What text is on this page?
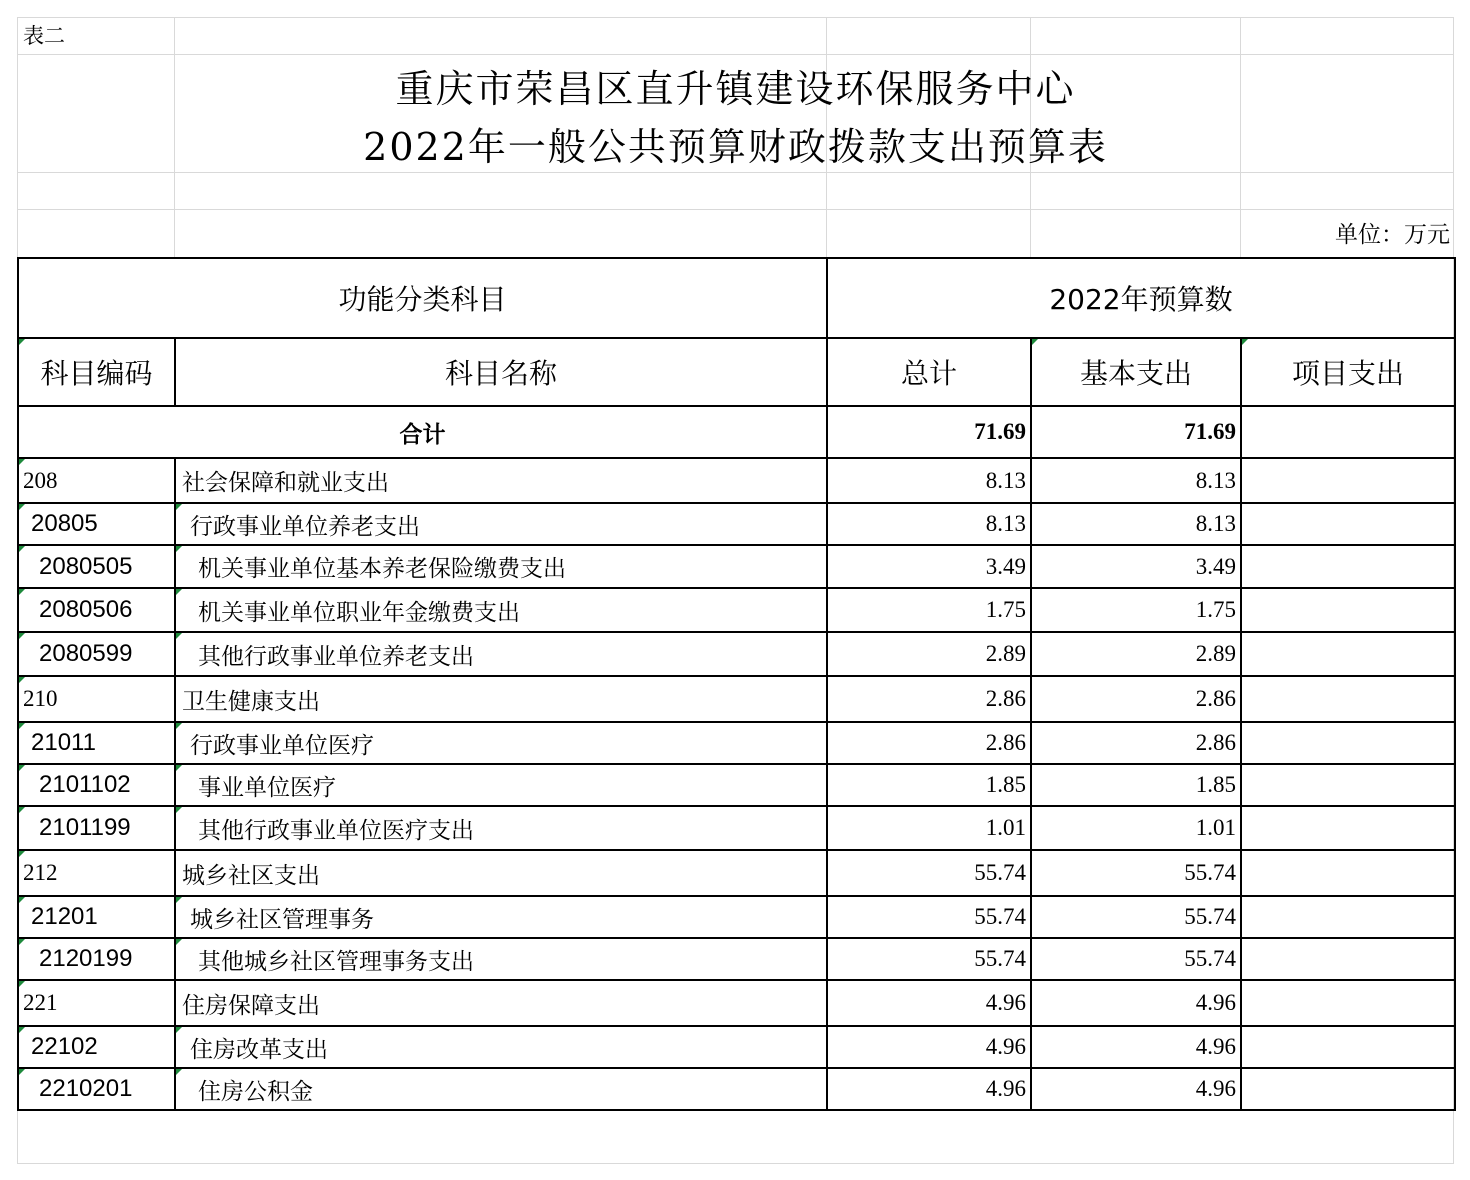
表二
重庆市荣昌区直升镇建设环保服务中心
2022年一般公共预算财政拨款支出预算表
单位：万元
功能分类科目		2022年预算数		
科目编码	科目名称	总计	基本支出	项目支出
合计		71.69	71.69	
208	社会保障和就业支出	8.13	8.13	
20805	行政事业单位养老支出	8.13	8.13	
2080505	机关事业单位基本养老保险缴费支出	3.49	3.49	
2080506	机关事业单位职业年金缴费支出	1.75	1.75	
2080599	其他行政事业单位养老支出	2.89	2.89	
210	卫生健康支出	2.86	2.86	
21011	行政事业单位医疗	2.86	2.86	
2101102	事业单位医疗	1.85	1.85	
2101199	其他行政事业单位医疗支出	1.01	1.01	
212	城乡社区支出	55.74	55.74	
21201	城乡社区管理事务	55.74	55.74	
2120199	其他城乡社区管理事务支出	55.74	55.74	
221	住房保障支出	4.96	4.96	
22102	住房改革支出	4.96	4.96	
2210201	住房公积金	4.96	4.96	
